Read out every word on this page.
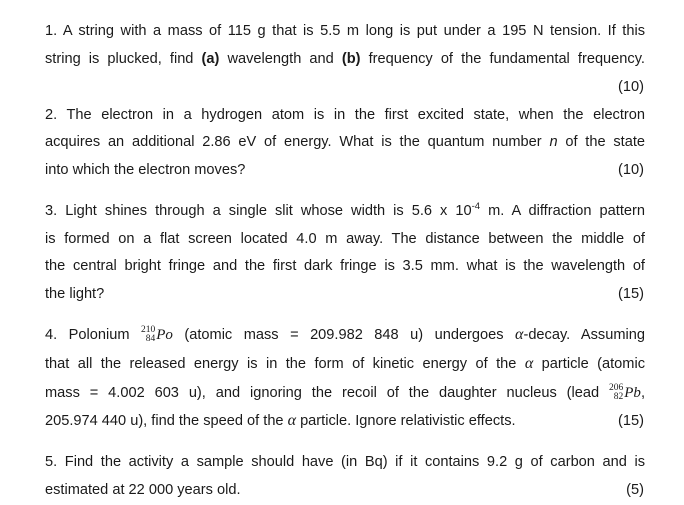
1. A string with a mass of 115 g that is 5.5 m long is put under a 195 N tension. If this
string is plucked, find (a) wavelength and (b) frequency of the fundamental frequency.
(10)
2. The electron in a hydrogen atom is in the first excited state, when the electron
acquires an additional 2.86 eV of energy. What is the quantum number n of the state
into which the electron moves?	(10)
3. Light shines through a single slit whose width is 5.6 x $10^{-4}$ m. A diffraction pattern
is formed on a flat screen located 4.0 m away. The distance between the middle of
the central bright fringe and the first dark fringe is 3.5 mm. what is the wavelength of
the light?	(15)
4. Polonium 210
84 Po (atomic mass = 209.982 848 u) undergoes α-decay. Assuming
that all the released energy is in the form of kinetic energy of the α particle (atomic
mass = 4.002 603 u), and ignoring the recoil of the daughter nucleus (lead 206
82 Pb,
205.974 440 u), find the speed of the α particle. Ignore relativistic effects.	(15)
5. Find the activity a sample should have (in Bq) if it contains 9.2 g of carbon and is
estimated at 22 000 years old.	(5)
